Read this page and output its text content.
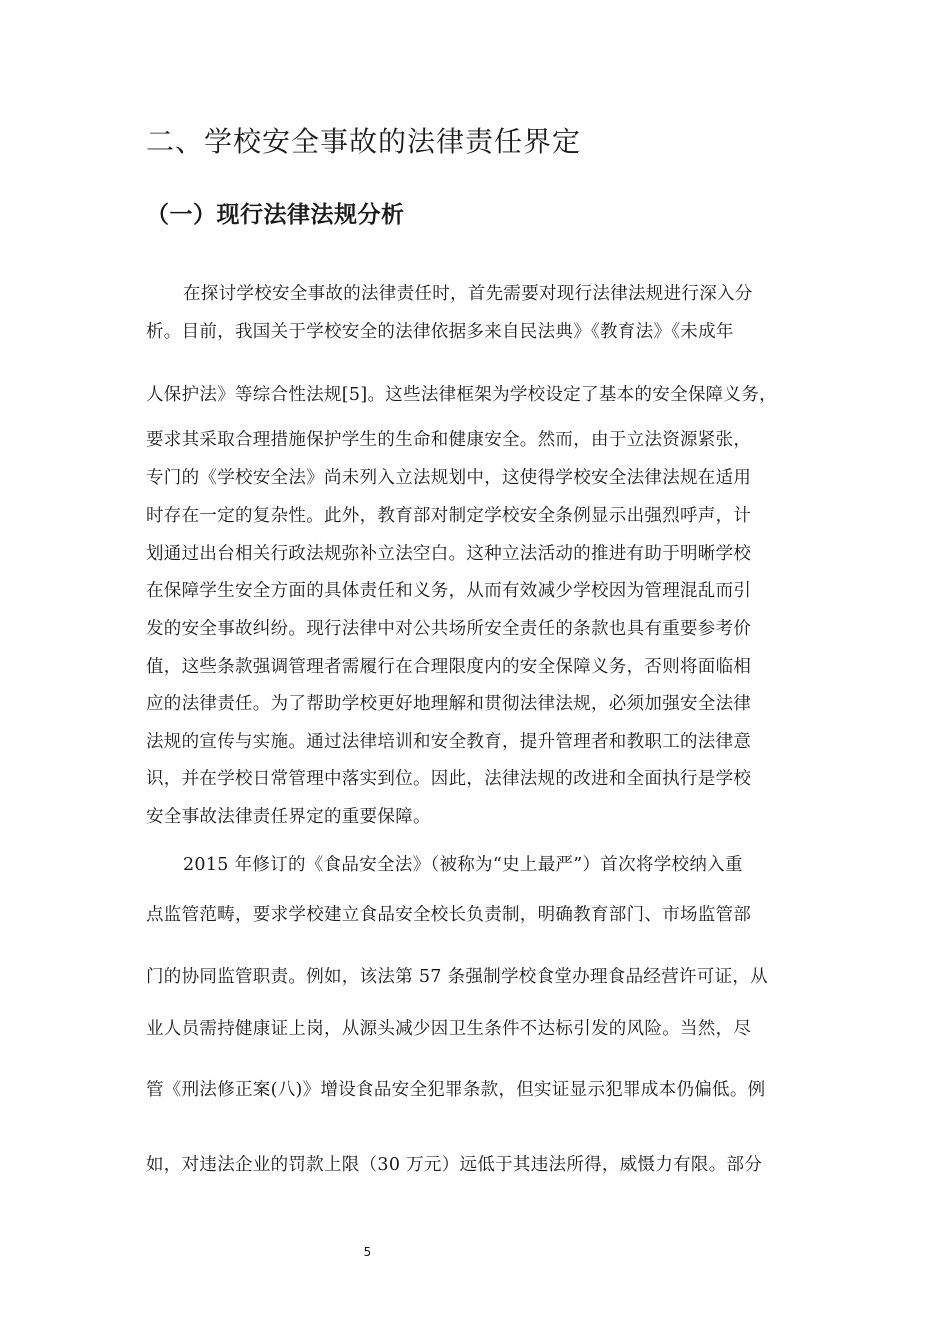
二、学校安全事故的法律责任界定
（一）现行法律法规分析
在探讨学校安全事故的法律责任时，首先需要对现行法律法规进行深入分
析。目前，我国关于学校安全的法律依据多来自民法典》《教育法》《未成年
人保护法》等综合性法规[5]。这些法律框架为学校设定了基本的安全保障义务，
要求其采取合理措施保护学生的生命和健康安全。然而，由于立法资源紧张，
专门的《学校安全法》尚未列入立法规划中，这使得学校安全法律法规在适用
时存在一定的复杂性。此外，教育部对制定学校安全条例显示出强烈呼声，计
划通过出台相关行政法规弥补立法空白。这种立法活动的推进有助于明晰学校
在保障学生安全方面的具体责任和义务，从而有效减少学校因为管理混乱而引
发的安全事故纠纷。现行法律中对公共场所安全责任的条款也具有重要参考价
值，这些条款强调管理者需履行在合理限度内的安全保障义务，否则将面临相
应的法律责任。为了帮助学校更好地理解和贯彻法律法规，必须加强安全法律
法规的宣传与实施。通过法律培训和安全教育，提升管理者和教职工的法律意
识，并在学校日常管理中落实到位。因此，法律法规的改进和全面执行是学校
安全事故法律责任界定的重要保障。
2015 年修订的《食品安全法》（被称为“史上最严”）首次将学校纳入重
点监管范畴，要求学校建立食品安全校长负责制，明确教育部门、市场监管部
门的协同监管职责。例如，该法第 57 条强制学校食堂办理食品经营许可证，从
业人员需持健康证上岗，从源头减少因卫生条件不达标引发的风险。当然，尽
管《刑法修正案(八)》增设食品安全犯罪条款，但实证显示犯罪成本仍偏低。例
如，对违法企业的罚款上限（30 万元）远低于其违法所得，威慑力有限。部分
5
